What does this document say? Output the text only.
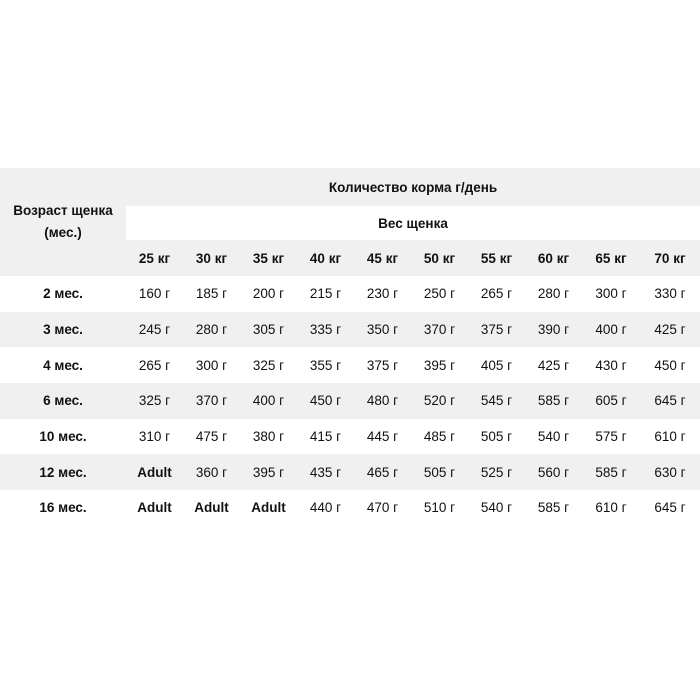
Возраст щенка
(мес.)	Количество корма г/день									
	Вес щенка									
	25 кг	30 кг	35 кг	40 кг	45 кг	50 кг	55 кг	60 кг	65 кг	70 кг
2 мес.	160 г	185 г	200 г	215 г	230 г	250 г	265 г	280 г	300 г	330 г
3 мес.	245 г	280 г	305 г	335 г	350 г	370 г	375 г	390 г	400 г	425 г
4 мес.	265 г	300 г	325 г	355 г	375 г	395 г	405 г	425 г	430 г	450 г
6 мес.	325 г	370 г	400 г	450 г	480 г	520 г	545 г	585 г	605 г	645 г
10 мес.	310 г	475 г	380 г	415 г	445 г	485 г	505 г	540 г	575 г	610 г
12 мес.	Adult	360 г	395 г	435 г	465 г	505 г	525 г	560 г	585 г	630 г
16 мес.	Adult	Adult	Adult	440 г	470 г	510 г	540 г	585 г	610 г	645 г
